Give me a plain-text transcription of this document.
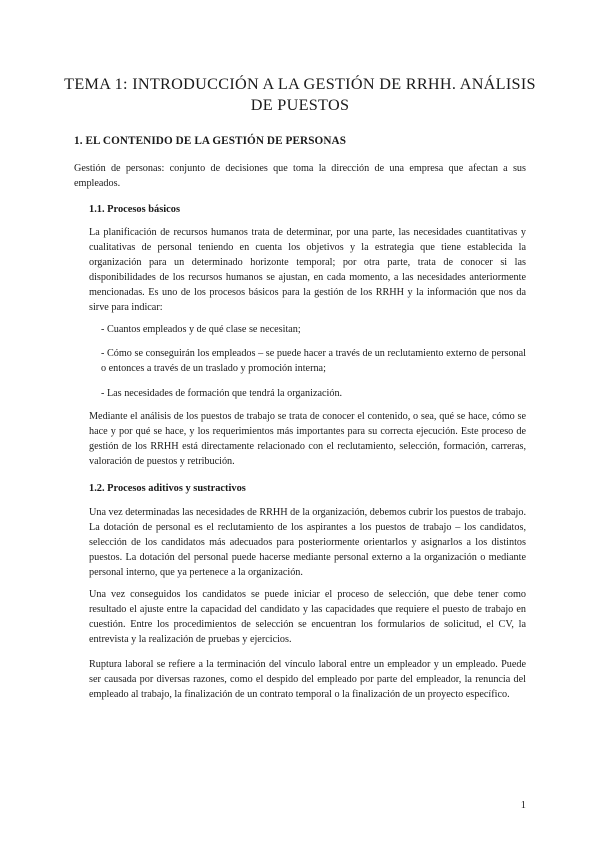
TEMA 1: INTRODUCCIÓN A LA GESTIÓN DE RRHH. ANÁLISIS DE PUESTOS
1. EL CONTENIDO DE LA GESTIÓN DE PERSONAS

Gestión de personas: conjunto de decisiones que toma la dirección de una empresa que afectan a sus empleados.

1.1. Procesos básicos

La planificación de recursos humanos trata de determinar, por una parte, las necesidades cuantitativas y cualitativas de personal teniendo en cuenta los objetivos y la estrategia que tiene establecida la organización para un determinado horizonte temporal; por otra parte, trata de conocer si las disponibilidades de los recursos humanos se ajustan, en cada momento, a las necesidades anteriormente mencionadas. Es uno de los procesos básicos para la gestión de los RRHH y la información que nos da sirve para indicar:

- Cuantos empleados y de qué clase se necesitan;

- Cómo se conseguirán los empleados – se puede hacer a través de un reclutamiento externo de personal o entonces a través de un traslado y promoción interna;

- Las necesidades de formación que tendrá la organización.

Mediante el análisis de los puestos de trabajo se trata de conocer el contenido, o sea, qué se hace, cómo se hace y por qué se hace, y los requerimientos más importantes para su correcta ejecución. Este proceso de gestión de los RRHH está directamente relacionado con el reclutamiento, selección, formación, carreras, valoración de puestos y retribución.

1.2. Procesos aditivos y sustractivos

Una vez determinadas las necesidades de RRHH de la organización, debemos cubrir los puestos de trabajo. La dotación de personal es el reclutamiento de los aspirantes a los puestos de trabajo – los candidatos, selección de los candidatos más adecuados para posteriormente orientarlos y asignarlos a los distintos puestos. La dotación del personal puede hacerse mediante personal externo a la organización o mediante personal interno, que ya pertenece a la organización.

Una vez conseguidos los candidatos se puede iniciar el proceso de selección, que debe tener como resultado el ajuste entre la capacidad del candidato y las capacidades que requiere el puesto de trabajo en cuestión. Entre los procedimientos de selección se encuentran los formularios de solicitud, el CV, la entrevista y la realización de pruebas y ejercicios.

Ruptura laboral se refiere a la terminación del vínculo laboral entre un empleador y un empleado. Puede ser causada por diversas razones, como el despido del empleado por parte del empleador, la renuncia del empleado al trabajo, la finalización de un contrato temporal o la finalización de un proyecto específico.

1
